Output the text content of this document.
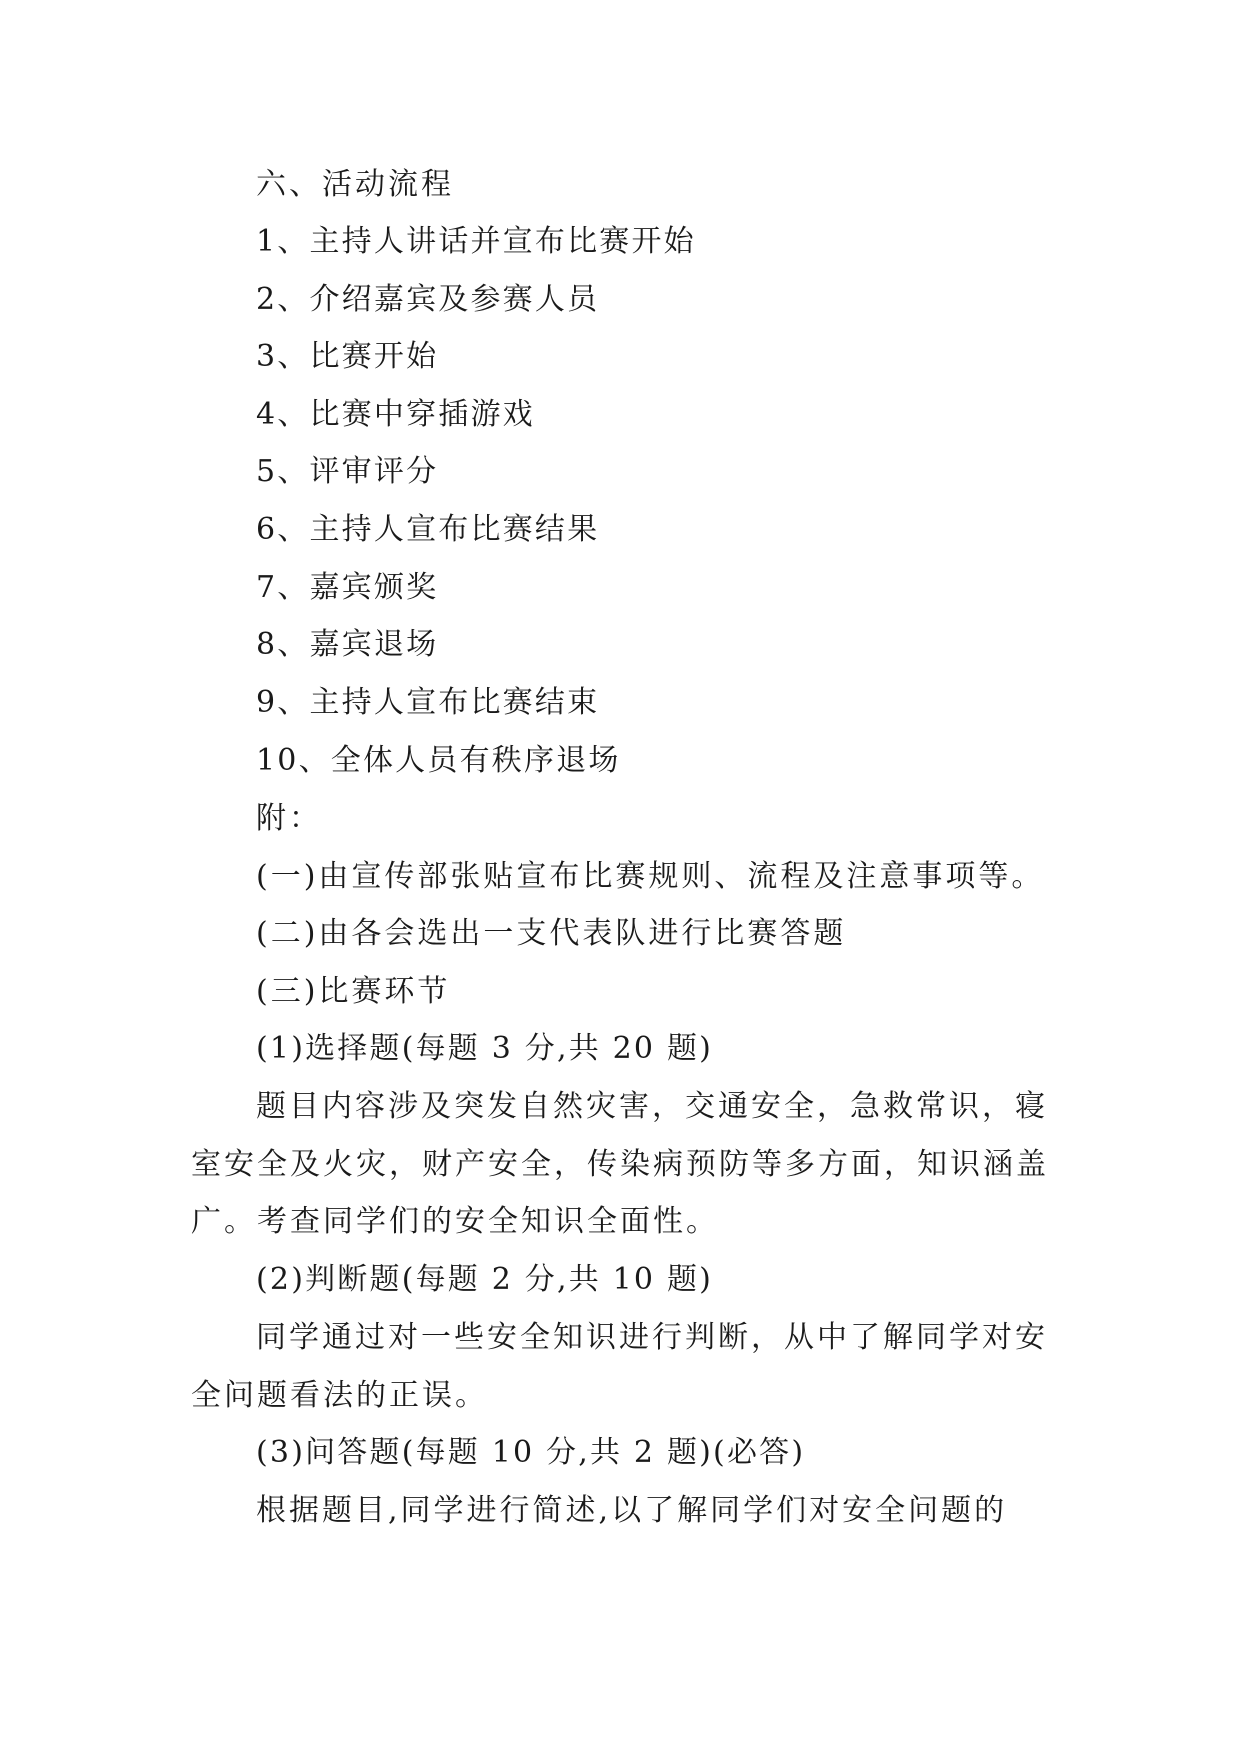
六、活动流程

1、主持人讲话并宣布比赛开始

2、介绍嘉宾及参赛人员

3、比赛开始

4、比赛中穿插游戏

5、评审评分

6、主持人宣布比赛结果

7、嘉宾颁奖

8、嘉宾退场

9、主持人宣布比赛结束

10、全体人员有秩序退场

附：

(一)由宣传部张贴宣布比赛规则、流程及注意事项等。

(二)由各会选出一支代表队进行比赛答题

(三)比赛环节

(1)选择题(每题 3 分,共 20 题)

题目内容涉及突发自然灾害，交通安全，急救常识，寝

室安全及火灾，财产安全，传染病预防等多方面，知识涵盖

广。考查同学们的安全知识全面性。

(2)判断题(每题 2 分,共 10 题)

同学通过对一些安全知识进行判断，从中了解同学对安

全问题看法的正误。

(3)问答题(每题 10 分,共 2 题)(必答)

根据题目,同学进行简述,以了解同学们对安全问题的
